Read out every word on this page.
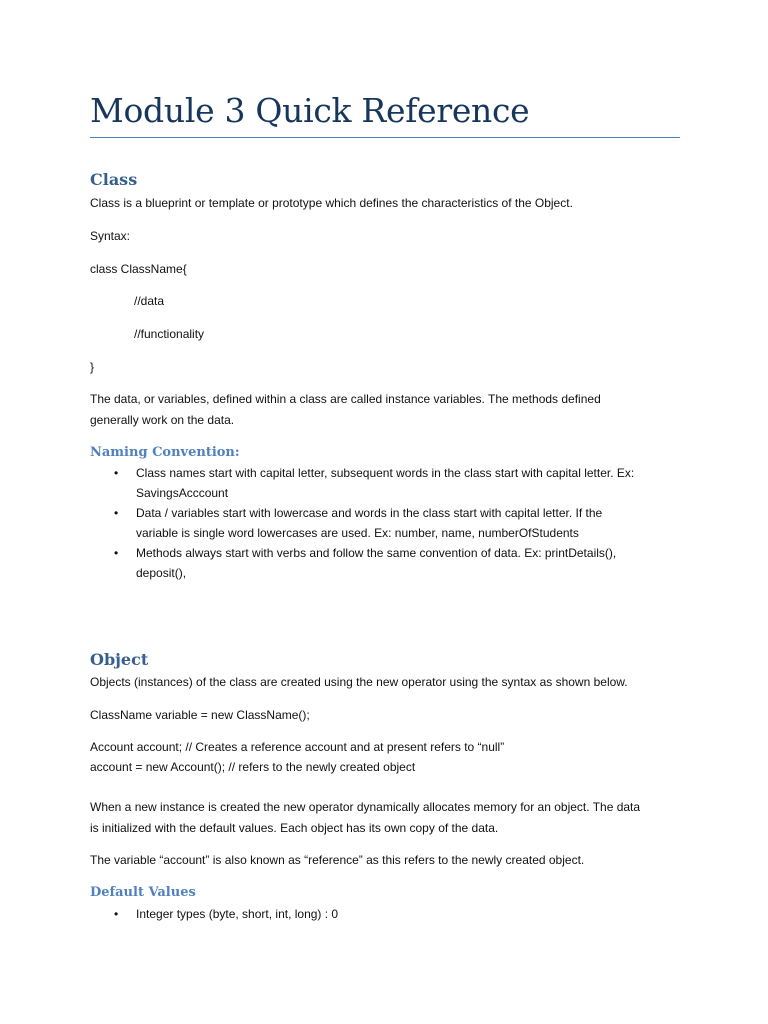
Module 3 Quick Reference
Class
Class is a blueprint or template or prototype which defines the characteristics of the Object.
Syntax:
class ClassName{
//data
//functionality
}
The data, or variables, defined within a class are called instance variables. The methods defined
generally work on the data.
Naming Convention:
• Class names start with capital letter, subsequent words in the class start with capital letter. Ex:
SavingsAcccount
• Data / variables start with lowercase and words in the class start with capital letter. If the
variable is single word lowercases are used. Ex: number, name, numberOfStudents
• Methods always start with verbs and follow the same convention of data. Ex: printDetails(),
deposit(),
Object
Objects (instances) of the class are created using the new operator using the syntax as shown below.
ClassName variable = new ClassName();
Account account; // Creates a reference account and at present refers to “null”
account = new Account(); // refers to the newly created object
When a new instance is created the new operator dynamically allocates memory for an object. The data
is initialized with the default values. Each object has its own copy of the data.
The variable “account” is also known as “reference” as this refers to the newly created object.
Default Values
• Integer types (byte, short, int, long) : 0
